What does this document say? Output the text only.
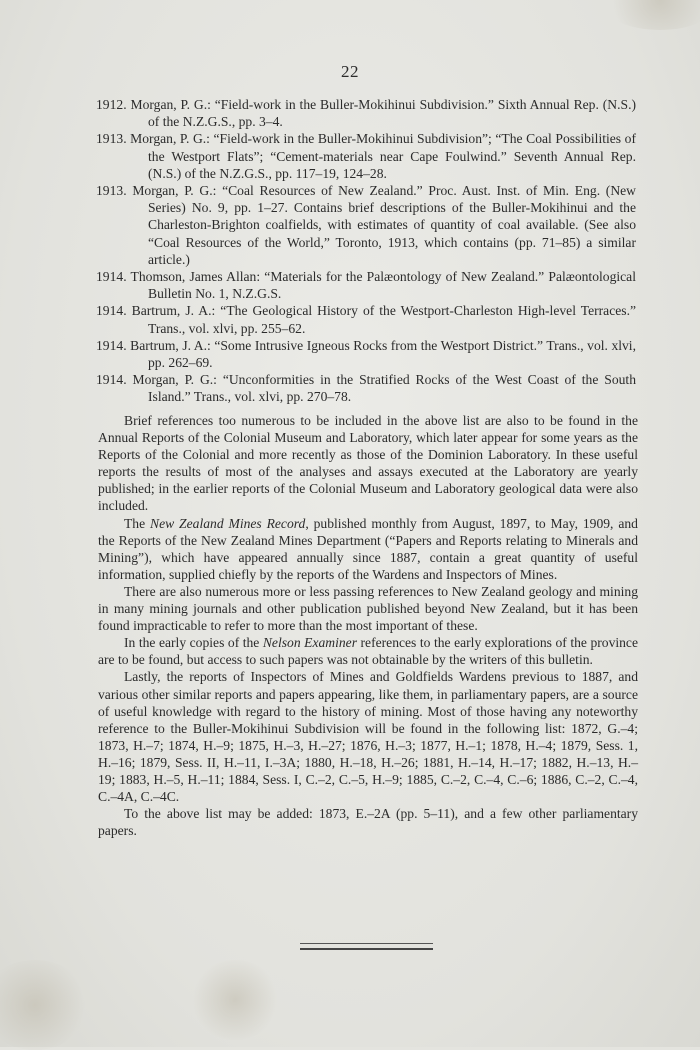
22

1912. Morgan, P. G.: “Field-work in the Buller-Mokihinui Subdivision.” Sixth Annual Rep. (N.S.) of the N.Z.G.S., pp. 3–4.

1913. Morgan, P. G.: “Field-work in the Buller-Mokihinui Subdivision”; “The Coal Possibilities of the Westport Flats”; “Cement-materials near Cape Foulwind.” Seventh Annual Rep. (N.S.) of the N.Z.G.S., pp. 117–19, 124–28.

1913. Morgan, P. G.: “Coal Resources of New Zealand.” Proc. Aust. Inst. of Min. Eng. (New Series) No. 9, pp. 1–27. Contains brief descriptions of the Buller-Mokihinui and the Charleston-Brighton coalfields, with estimates of quantity of coal available. (See also “Coal Resources of the World,” Toronto, 1913, which contains (pp. 71–85) a similar article.)

1914. Thomson, James Allan: “Materials for the Palæontology of New Zealand.” Palæontological Bulletin No. 1, N.Z.G.S.

1914. Bartrum, J. A.: “The Geological History of the Westport-Charleston High-level Terraces.” Trans., vol. xlvi, pp. 255–62.

1914. Bartrum, J. A.: “Some Intrusive Igneous Rocks from the Westport District.” Trans., vol. xlvi, pp. 262–69.

1914. Morgan, P. G.: “Unconformities in the Stratified Rocks of the West Coast of the South Island.” Trans., vol. xlvi, pp. 270–78.

Brief references too numerous to be included in the above list are also to be found in the Annual Reports of the Colonial Museum and Laboratory, which later appear for some years as the Reports of the Colonial and more recently as those of the Dominion Laboratory. In these useful reports the results of most of the analyses and assays executed at the Laboratory are yearly published; in the earlier reports of the Colonial Museum and Laboratory geological data were also included.

The New Zealand Mines Record, published monthly from August, 1897, to May, 1909, and the Reports of the New Zealand Mines Department (“Papers and Reports relating to Minerals and Mining”), which have appeared annually since 1887, contain a great quantity of useful information, supplied chiefly by the reports of the Wardens and Inspectors of Mines.

There are also numerous more or less passing references to New Zealand geology and mining in many mining journals and other publication published beyond New Zealand, but it has been found impracticable to refer to more than the most important of these.

In the early copies of the Nelson Examiner references to the early explorations of the province are to be found, but access to such papers was not obtainable by the writers of this bulletin.

Lastly, the reports of Inspectors of Mines and Goldfields Wardens previous to 1887, and various other similar reports and papers appearing, like them, in parliamentary papers, are a source of useful knowledge with regard to the history of mining. Most of those having any noteworthy reference to the Buller-Mokihinui Subdivision will be found in the following list: 1872, G.–4; 1873, H.–7; 1874, H.–9; 1875, H.–3, H.–27; 1876, H.–3; 1877, H.–1; 1878, H.–4; 1879, Sess. 1, H.–16; 1879, Sess. II, H.–11, I.–3A; 1880, H.–18, H.–26; 1881, H.–14, H.–17; 1882, H.–13, H.–19; 1883, H.–5, H.–11; 1884, Sess. I, C.–2, C.–5, H.–9; 1885, C.–2, C.–4, C.–6; 1886, C.–2, C.–4, C.–4A, C.–4C.

To the above list may be added: 1873, E.–2A (pp. 5–11), and a few other parliamentary papers.
